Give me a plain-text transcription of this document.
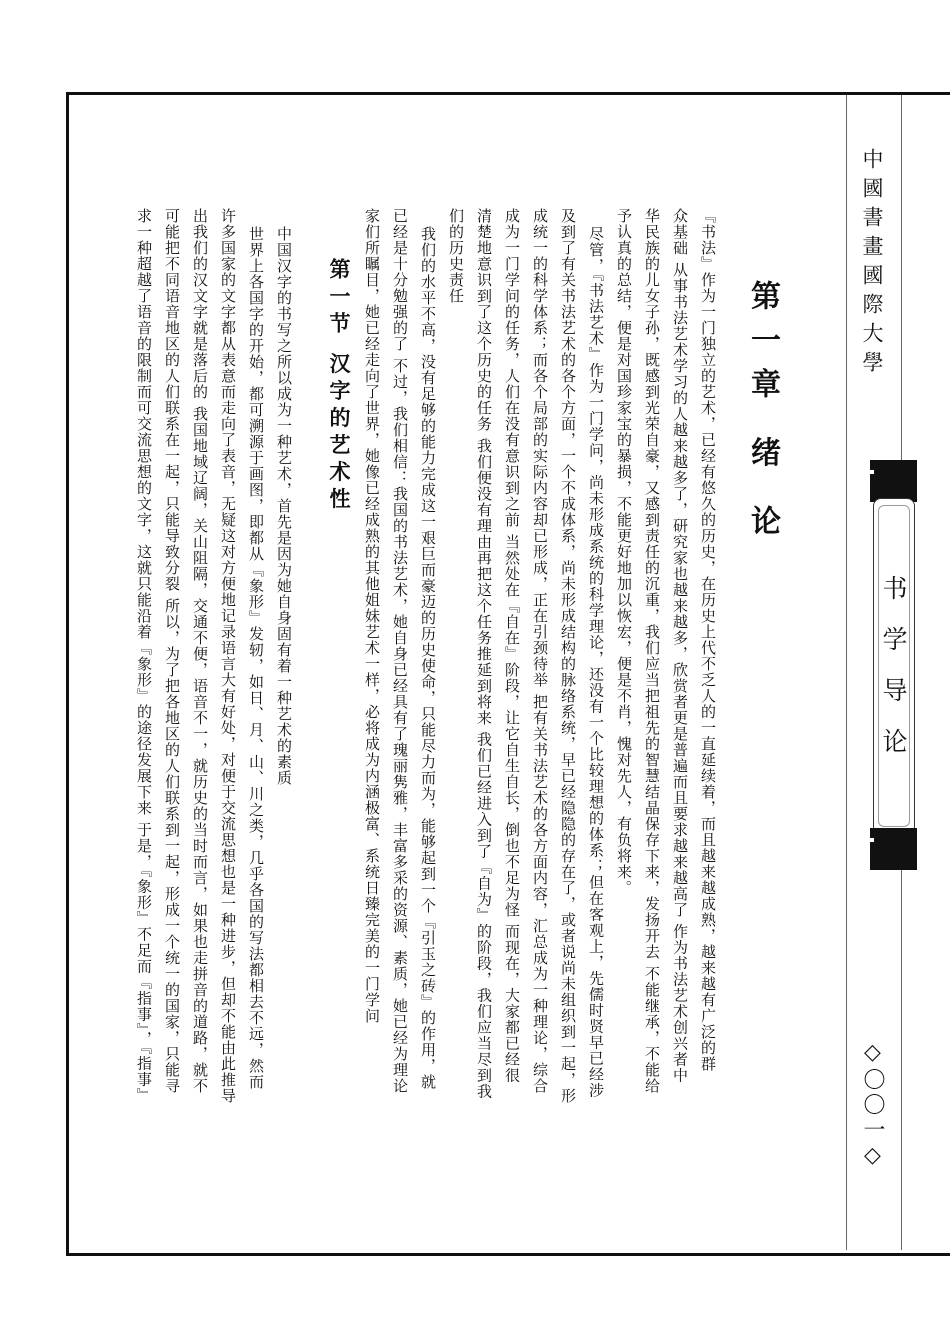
中國書畫國際大學

书学导论

◇〇〇一◇

第一章 绪 论

『书法』作为一门独立的艺术，已经有悠久的历史，在历史上代不乏人的一直延续着，而且越来越成熟，越来越有广泛的群

众基础 从事书法艺术学习的人越来越多了，研究家也越来越多，欣赏者更是普遍而且要求越来越高了 作为书法艺术创兴者中

华民族的儿女子孙，既感到光荣自豪，又感到责任的沉重，我们应当把祖先的智慧结晶保存下来，发扬开去 不能继承，不能给

予认真的总结，便是对国珍家宝的暴损，不能更好地加以恢宏，便是不肖，愧对先人，有负将来。

尽管，『书法艺术』作为一门学问，尚未形成系统的科学理论，还没有一个比较理想的体系；但在客观上，先儒时贤早已经涉

及到了有关书法艺术的各个方面，一个不成体系，尚未形成结构的脉络系统，早已经隐隐的存在了，或者说尚未组织到一起，形

成统一的科学体系；而各个局部的实际内容却已形成，正在引颈待举 把有关书法艺术的各方面内容，汇总成为一种理论，综合

成为一门学问的任务，人们在没有意识到之前 当然处在『自在』阶段，让它自生自长，倒也不足为怪 而现在，大家都已经很

清楚地意识到了这个历史的任务 我们便没有理由再把这个任务推延到将来 我们已经进入到了『自为』的阶段，我们应当尽到我

们的历史责任

我们的水平不高，没有足够的能力完成这一艰巨而豪迈的历史使命，只能尽力而为，能够起到一个『引玉之砖』的作用，就

已经是十分勉强的了 不过，我们相信：我国的书法艺术，她自身已经具有了瑰丽隽雅，丰富多采的资源、素质，她已经为理论

家们所瞩目，她已经走向了世界，她像已经成熟的其他姐妹艺术一样，必将成为内涵极富、系统日臻完美的一门学问

第一节 汉字的艺术性

中国汉字的书写之所以成为一种艺术，首先是因为她自身固有着一种艺术的素质

世界上各国字的开始，都可溯源于画图，即都从『象形』发轫，如日、月、山、川之类，几乎各国的写法都相去不远，然而

许多国家的文字都从表意而走向了表音，无疑这对方便地记录语言大有好处，对便于交流思想也是一种进步，但却不能由此推导

出我们的汉文字就是落后的 我国地域辽阔，关山阻隔，交通不便，语音不一，就历史的当时而言，如果也走拼音的道路，就不

可能把不同语音地区的人们联系在一起，只能导致分裂 所以，为了把各地区的人们联系到一起，形成一个统一的国家，只能寻

求一种超越了语音的限制而可交流思想的文字，这就只能沿着『象形』的途径发展下来 于是，『象形』不足而『指事』，『指事』
